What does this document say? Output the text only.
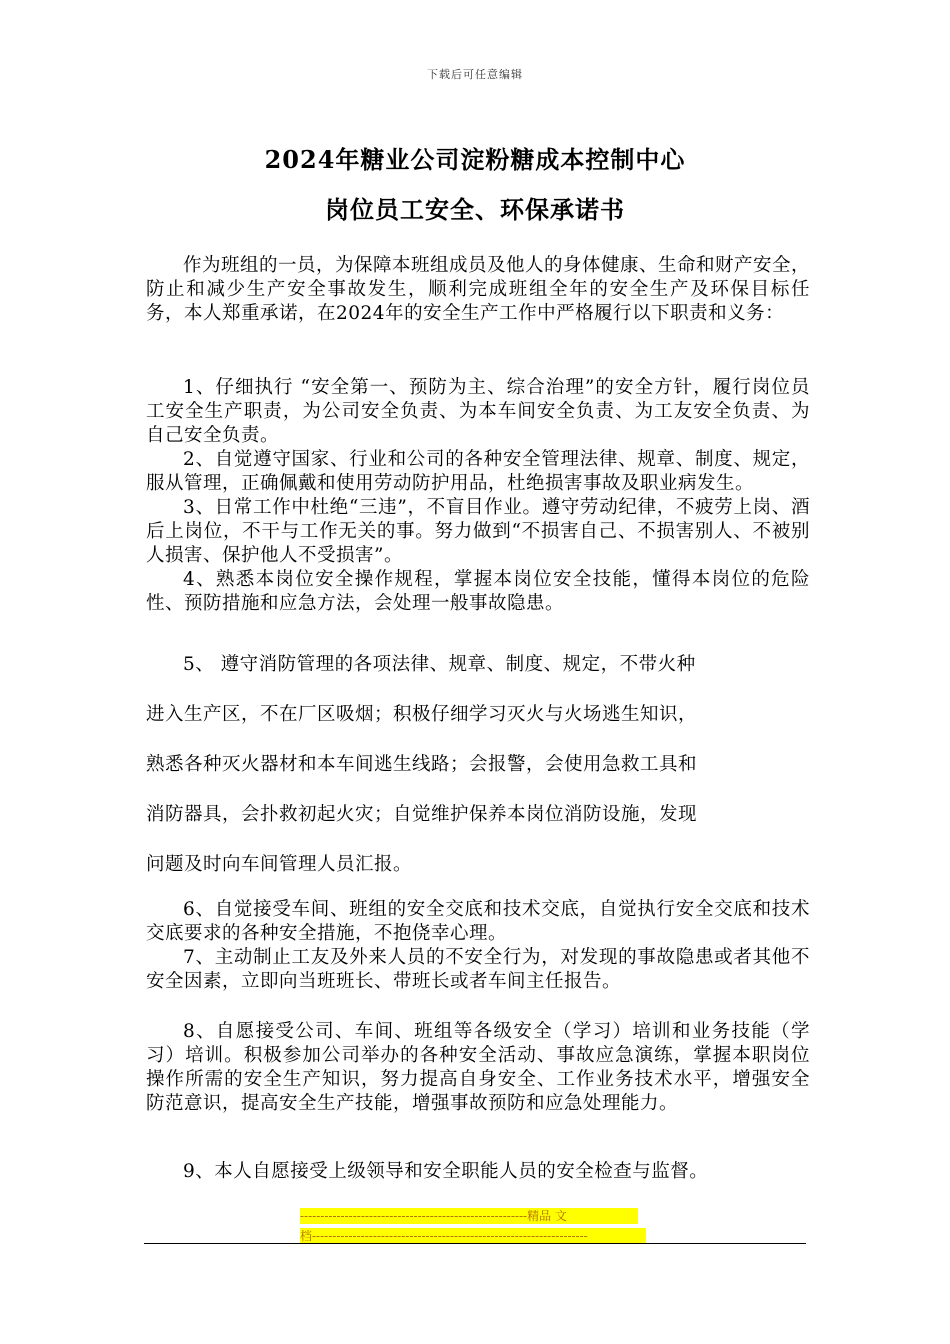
下载后可任意编辑
2024年糖业公司淀粉糖成本控制中心
岗位员工安全、环保承诺书

作为班组的一员，为保障本班组成员及他人的身体健康、生命和财产安全，防止和减少生产安全事故发生，顺利完成班组全年的安全生产及环保目标任务，本人郑重承诺，在2024年的安全生产工作中严格履行以下职责和义务：

1、仔细执行 “安全第一、预防为主、综合治理”的安全方针，履行岗位员工安全生产职责，为公司安全负责、为本车间安全负责、为工友安全负责、为自己安全负责。

2、自觉遵守国家、行业和公司的各种安全管理法律、规章、制度、规定，服从管理，正确佩戴和使用劳动防护用品，杜绝损害事故及职业病发生。

3、日常工作中杜绝“三违”，不盲目作业。遵守劳动纪律，不疲劳上岗、酒后上岗位，不干与工作无关的事。努力做到“不损害自己、不损害别人、不被别人损害、保护他人不受损害”。

4、熟悉本岗位安全操作规程，掌握本岗位安全技能，懂得本岗位的危险性、预防措施和应急方法，会处理一般事故隐患。

5、 遵守消防管理的各项法律、规章、制度、规定，不带火种
进入生产区，不在厂区吸烟；积极仔细学习灭火与火场逃生知识，
熟悉各种灭火器材和本车间逃生线路；会报警，会使用急救工具和
消防器具，会扑救初起火灾；自觉维护保养本岗位消防设施，发现
问题及时向车间管理人员汇报。

6、自觉接受车间、班组的安全交底和技术交底，自觉执行安全交底和技术交底要求的各种安全措施，不抱侥幸心理。

7、主动制止工友及外来人员的不安全行为，对发现的事故隐患或者其他不安全因素，立即向当班班长、带班长或者车间主任报告。

8、自愿接受公司、车间、班组等各级安全（学习）培训和业务技能（学习）培训。积极参加公司举办的各种安全活动、事故应急演练，掌握本职岗位操作所需的安全生产知识，努力提高自身安全、工作业务技术水平，增强安全防范意识，提高安全生产技能，增强事故预防和应急处理能力。

9、本人自愿接受上级领导和安全职能人员的安全检查与监督。

--------------------------------------------------------精品 文
档--------------------------------------------------------------------
